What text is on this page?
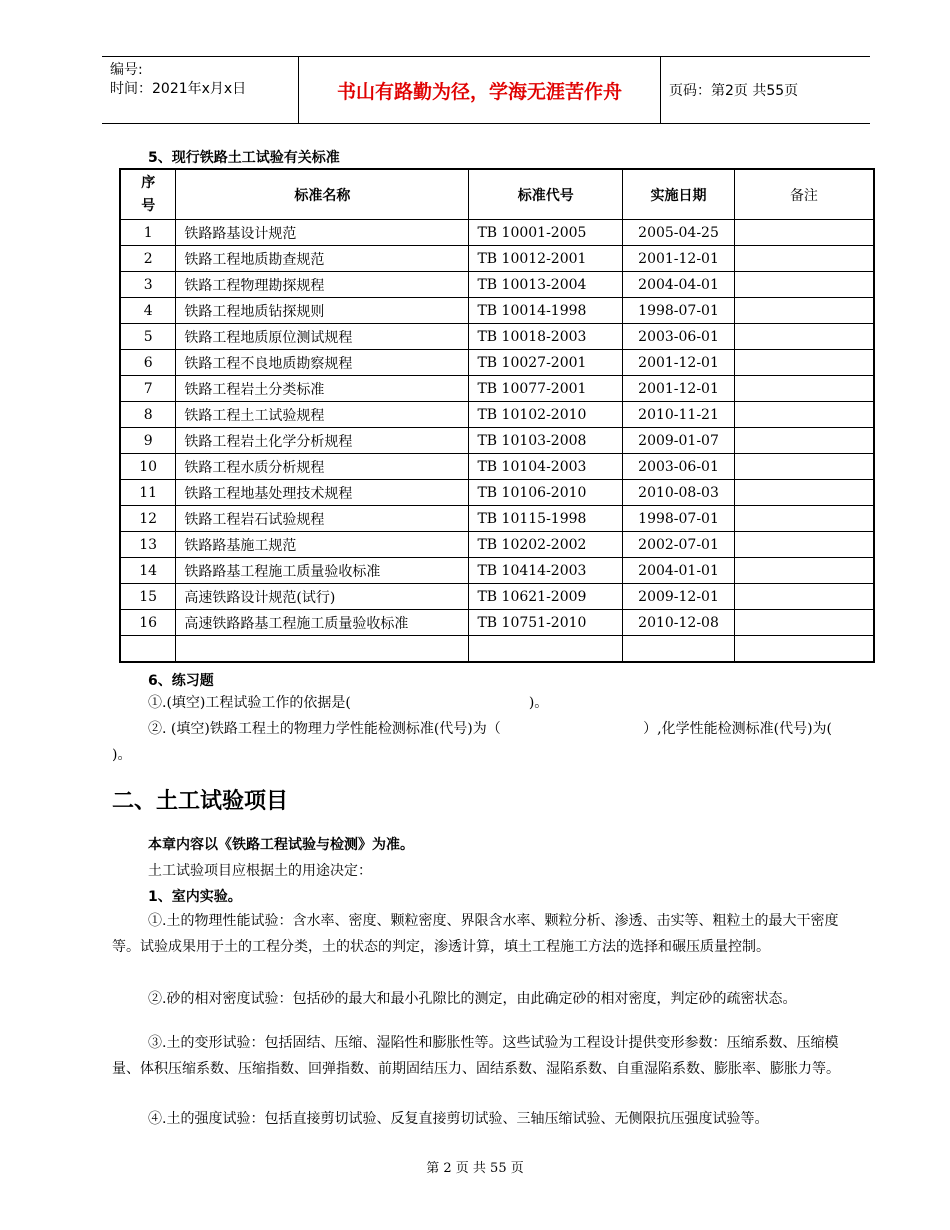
编号:
时间：2021年x月x日	书山有路勤为径，学海无涯苦作舟	页码：第2页 共55页
5、现行铁路土工试验有关标准
序号	标准名称	标准代号	实施日期	备注
1	铁路路基设计规范	TB 10001-2005	2005-04-25	
2	铁路工程地质勘查规范	TB 10012-2001	2001-12-01	
3	铁路工程物理勘探规程	TB 10013-2004	2004-04-01	
4	铁路工程地质钻探规则	TB 10014-1998	1998-07-01	
5	铁路工程地质原位测试规程	TB 10018-2003	2003-06-01	
6	铁路工程不良地质勘察规程	TB 10027-2001	2001-12-01	
7	铁路工程岩土分类标准	TB 10077-2001	2001-12-01	
8	铁路工程土工试验规程	TB 10102-2010	2010-11-21	
9	铁路工程岩土化学分析规程	TB 10103-2008	2009-01-07	
10	铁路工程水质分析规程	TB 10104-2003	2003-06-01	
11	铁路工程地基处理技术规程	TB 10106-2010	2010-08-03	
12	铁路工程岩石试验规程	TB 10115-1998	1998-07-01	
13	铁路路基施工规范	TB 10202-2002	2002-07-01	
14	铁路路基工程施工质量验收标准	TB 10414-2003	2004-01-01	
15	高速铁路设计规范(试行)	TB 10621-2009	2009-12-01	
16	高速铁路路基工程施工质量验收标准	TB 10751-2010	2010-12-08	

6、练习题
①.(填空)工程试验工作的依据是(                                        )。
②. (填空)铁路工程土的物理力学性能检测标准(代号)为（                                ）,化学性能检测标准(代号)为(          )。
二、土工试验项目
本章内容以《铁路工程试验与检测》为准。
土工试验项目应根据土的用途决定：
1、室内实验。
①.土的物理性能试验：含水率、密度、颗粒密度、界限含水率、颗粒分析、渗透、击实等、粗粒土的最大干密度等。试验成果用于土的工程分类，土的状态的判定，渗透计算，填土工程施工方法的选择和碾压质量控制。
②.砂的相对密度试验：包括砂的最大和最小孔隙比的测定，由此确定砂的相对密度，判定砂的疏密状态。
③.土的变形试验：包括固结、压缩、湿陷性和膨胀性等。这些试验为工程设计提供变形参数：压缩系数、压缩模量、体积压缩系数、压缩指数、回弹指数、前期固结压力、固结系数、湿陷系数、自重湿陷系数、膨胀率、膨胀力等。
④.土的强度试验：包括直接剪切试验、反复直接剪切试验、三轴压缩试验、无侧限抗压强度试验等。
第 2 页 共 55 页
